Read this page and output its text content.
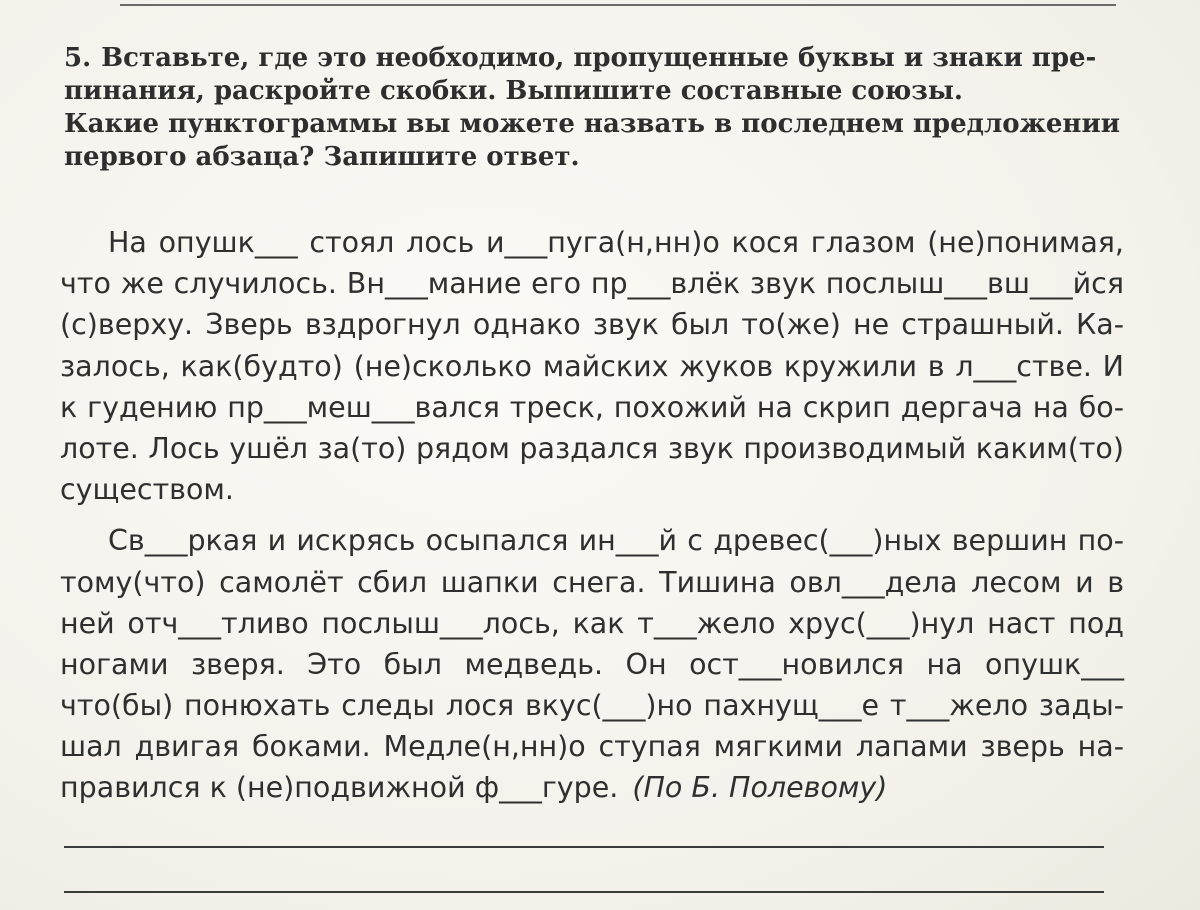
5. Вставьте, где это необходимо, пропущенные буквы и знаки пре-
пинания, раскройте скобки. Выпишите составные союзы.
Какие пунктограммы вы можете назвать в последнем предложении
первого абзаца? Запишите ответ.
На опушк___ стоял лось и___пуга(н,нн)о кося глазом (не)понимая,
что же случилось. Вн___мание его пр___влёк звук послыш___вш___йся
(с)верху. Зверь вздрогнул однако звук был то(же) не страшный. Ка-
залось, как(будто) (не)сколько майских жуков кружили в л___стве. И
к гудению пр___меш___вался треск, похожий на скрип дергача на бо-
лоте. Лось ушёл за(то) рядом раздался звук производимый каким(то)
существом.
Св___ркая и искрясь осыпался ин___й с древес(___)ных вершин по-
тому(что) самолёт сбил шапки снега. Тишина овл___дела лесом и в
ней отч___тливо послыш___лось, как т___жело хрус(___)нул наст под
ногами зверя. Это был медведь. Он ост___новился на опушк___
что(бы) понюхать следы лося вкус(___)но пахнущ___е т___жело зады-
шал двигая боками. Медле(н,нн)о ступая мягкими лапами зверь на-
правился к (не)подвижной ф___гуре. (По Б. Полевому)
